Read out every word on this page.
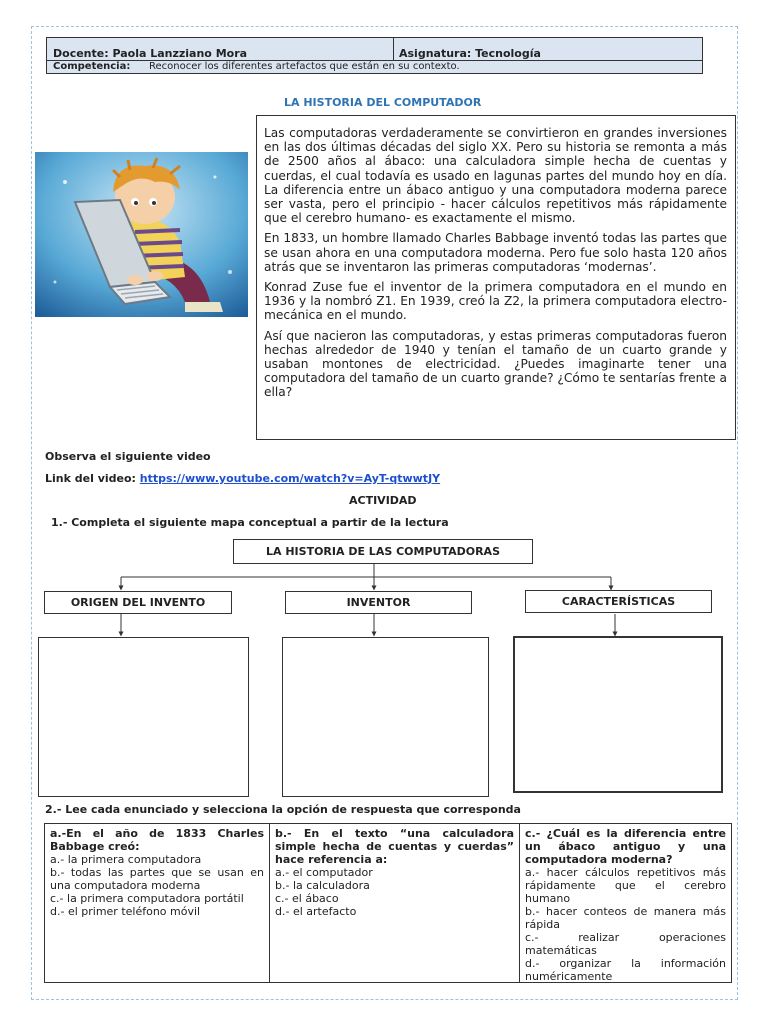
Docente: Paola Lanzziano Mora	Asignatura: Tecnología
Competencia: Reconocer los diferentes artefactos que están en su contexto.
LA HISTORIA DEL COMPUTADOR

Las computadoras verdaderamente se convirtieron en grandes inversiones en las dos últimas décadas del siglo XX. Pero su historia se remonta a más de 2500 años al ábaco: una calculadora simple hecha de cuentas y cuerdas, el cual todavía es usado en lagunas partes del mundo hoy en día. La diferencia entre un ábaco antiguo y una computadora moderna parece ser vasta, pero el principio - hacer cálculos repetitivos más rápidamente que el cerebro humano- es exactamente el mismo.

En 1833, un hombre llamado Charles Babbage inventó todas las partes que se usan ahora en una computadora moderna. Pero fue solo hasta 120 años atrás que se inventaron las primeras computadoras ‘modernas’.

Konrad Zuse fue el inventor de la primera computadora en el mundo en 1936 y la nombró Z1. En 1939, creó la Z2, la primera computadora electro-mecánica en el mundo.

Así que nacieron las computadoras, y estas primeras computadoras fueron hechas alrededor de 1940 y tenían el tamaño de un cuarto grande y usaban montones de electricidad. ¿Puedes imaginarte tener una computadora del tamaño de un cuarto grande? ¿Cómo te sentarías frente a ella?

Observa el siguiente video
Link del video: https://www.youtube.com/watch?v=AyT-qtwwtJY
ACTIVIDAD
1.- Completa el siguiente mapa conceptual a partir de la lectura
LA HISTORIA DE LAS COMPUTADORAS
ORIGEN DEL INVENTO	INVENTOR	CARACTERÍSTICAS
2.- Lee cada enunciado y selecciona la opción de respuesta que corresponda
a.-En el año de 1833 Charles Babbage creó:
a.- la primera computadora
b.- todas las partes que se usan en una computadora moderna
c.- la primera computadora portátil
d.- el primer teléfono móvil
b.- En el texto “una calculadora simple hecha de cuentas y cuerdas” hace referencia a:
a.- el computador
b.- la calculadora
c.- el ábaco
d.- el artefacto
c.- ¿Cuál es la diferencia entre un ábaco antiguo y una computadora moderna?
a.- hacer cálculos repetitivos más rápidamente que el cerebro humano
b.- hacer conteos de manera más rápida
c.- realizar operaciones matemáticas
d.- organizar la información numéricamente
